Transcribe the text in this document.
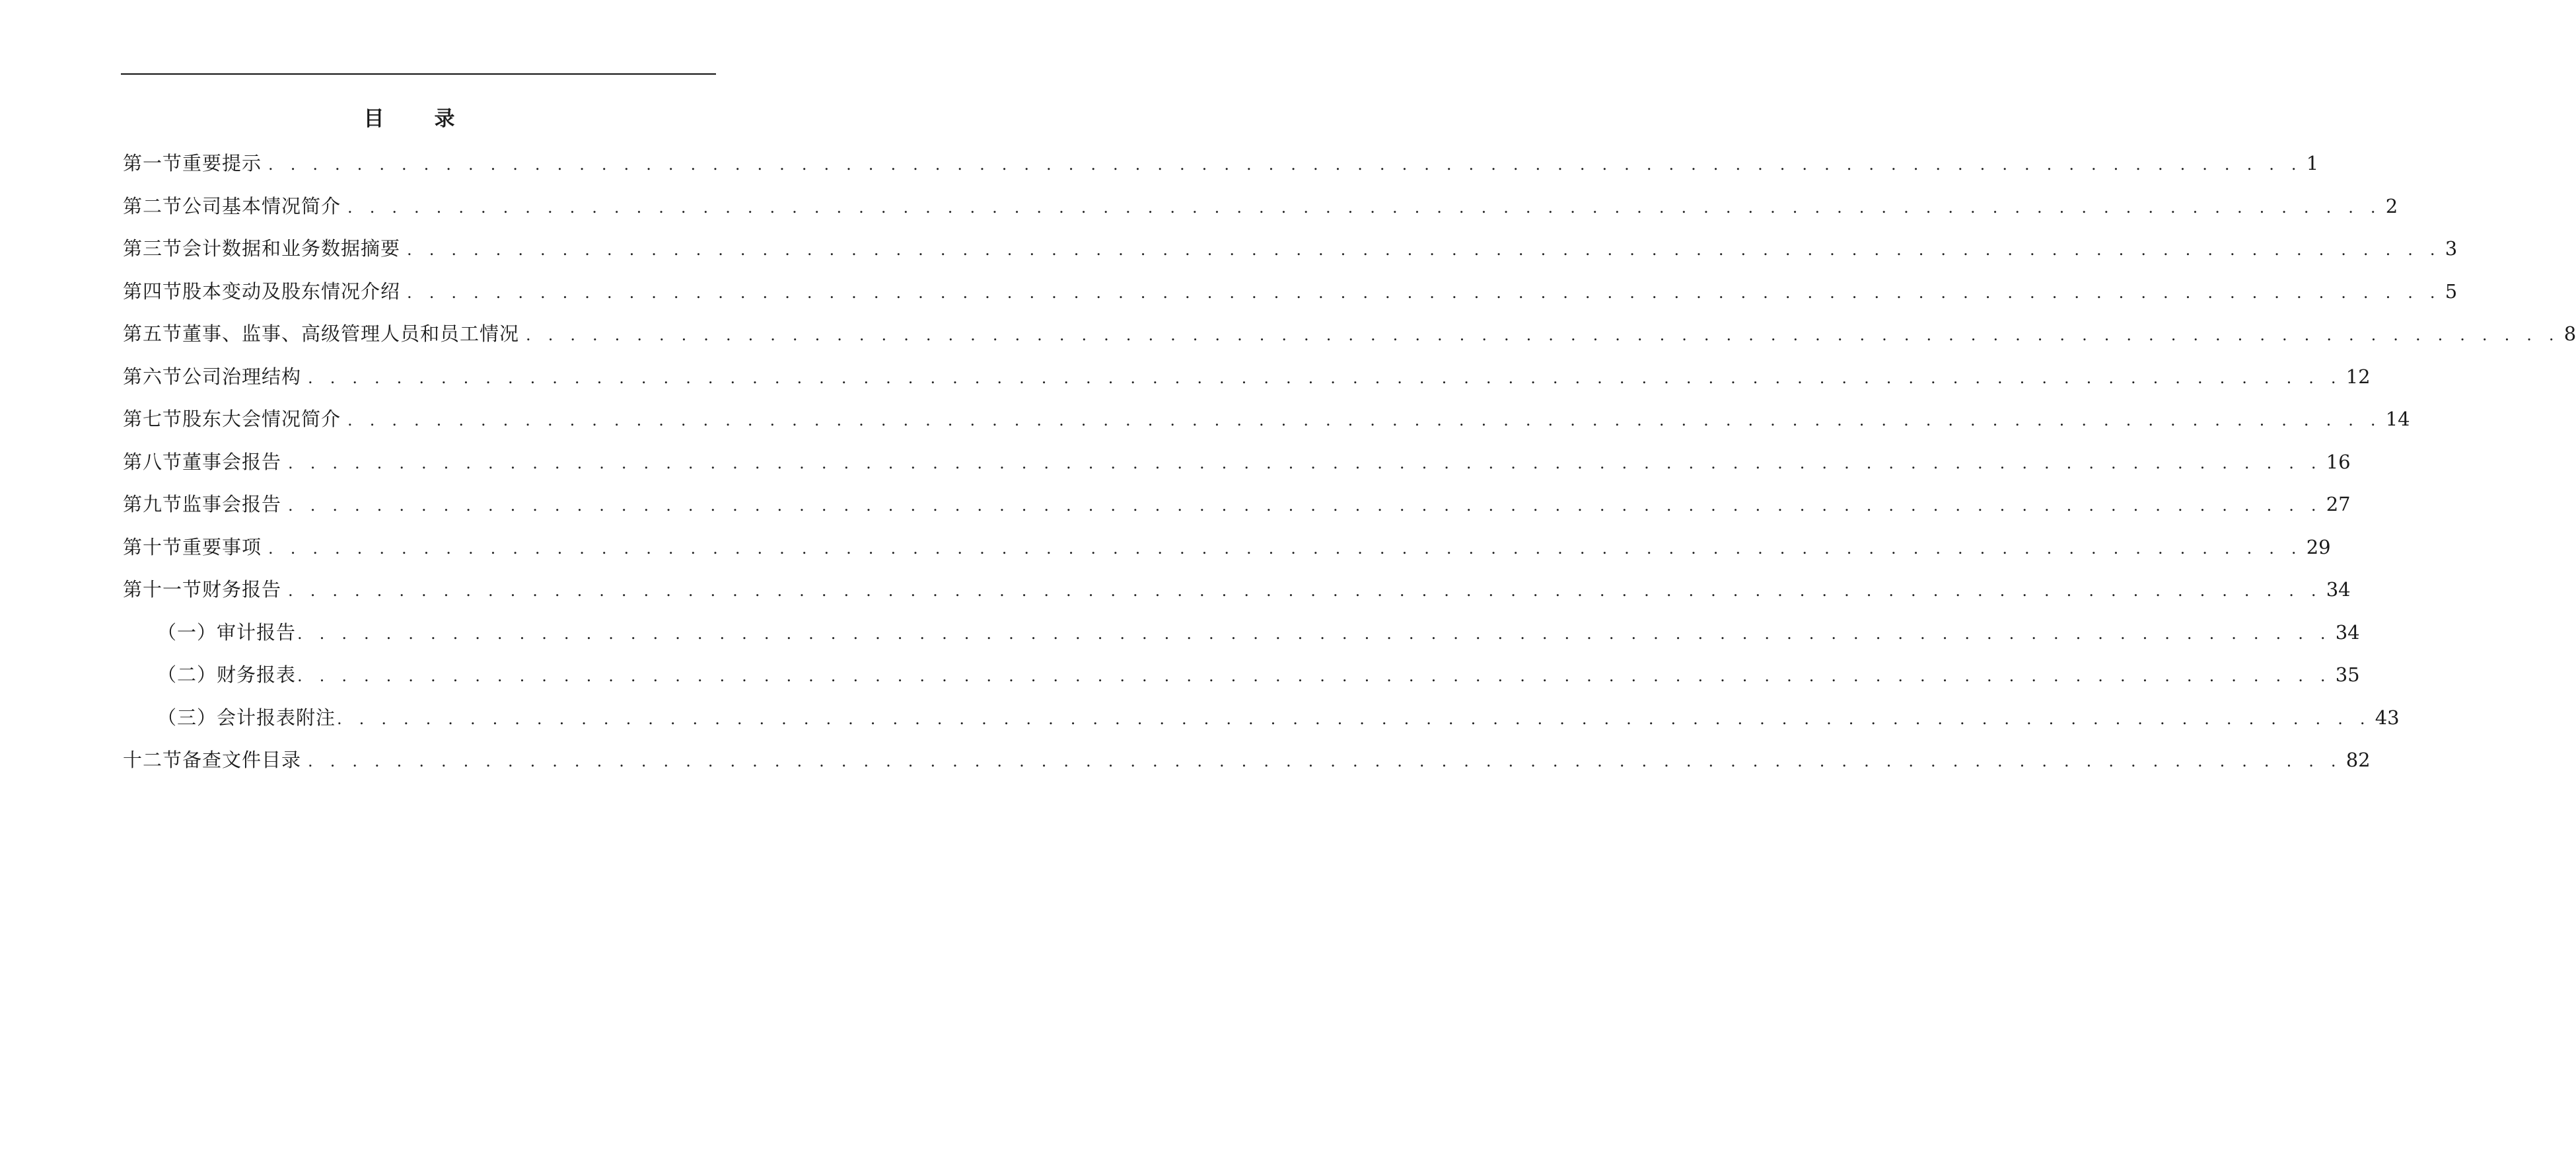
目 录
第一节 重要提示 . . . . . . . . . . . . . . . . . . . . . . . . . . . . . . . . . . . . . . . . . . . . . . . . . . . . . . . . . . . . . . . . . . . . . . . . . . . . . . . . . . . . . . . . . . . . 1
第二节 公司基本情况简介 . . . . . . . . . . . . . . . . . . . . . . . . . . . . . . . . . . . . . . . . . . . . . . . . . . . . . . . . . . . . . . . . . . . . . . . . . . . . . . . . . . . . . . . . . . . . 2
第三节 会计数据和业务数据摘要 . . . . . . . . . . . . . . . . . . . . . . . . . . . . . . . . . . . . . . . . . . . . . . . . . . . . . . . . . . . . . . . . . . . . . . . . . . . . . . . . . . . . . . . . . . . . 3
第四节 股本变动及股东情况介绍 . . . . . . . . . . . . . . . . . . . . . . . . . . . . . . . . . . . . . . . . . . . . . . . . . . . . . . . . . . . . . . . . . . . . . . . . . . . . . . . . . . . . . . . . . . . . 5
第五节 董事、监事、高级管理人员和员工情况 . . . . . . . . . . . . . . . . . . . . . . . . . . . . . . . . . . . . . . . . . . . . . . . . . . . . . . . . . . . . . . . . . . . . . . . . . . . . . . . . . . . . . . . . . . . . 8
第六节 公司治理结构 . . . . . . . . . . . . . . . . . . . . . . . . . . . . . . . . . . . . . . . . . . . . . . . . . . . . . . . . . . . . . . . . . . . . . . . . . . . . . . . . . . . . . . . . . . . . 12
第七节 股东大会情况简介 . . . . . . . . . . . . . . . . . . . . . . . . . . . . . . . . . . . . . . . . . . . . . . . . . . . . . . . . . . . . . . . . . . . . . . . . . . . . . . . . . . . . . . . . . . . . 14
第八节 董事会报告 . . . . . . . . . . . . . . . . . . . . . . . . . . . . . . . . . . . . . . . . . . . . . . . . . . . . . . . . . . . . . . . . . . . . . . . . . . . . . . . . . . . . . . . . . . . . 16
第九节 监事会报告 . . . . . . . . . . . . . . . . . . . . . . . . . . . . . . . . . . . . . . . . . . . . . . . . . . . . . . . . . . . . . . . . . . . . . . . . . . . . . . . . . . . . . . . . . . . . 27
第十节 重要事项 . . . . . . . . . . . . . . . . . . . . . . . . . . . . . . . . . . . . . . . . . . . . . . . . . . . . . . . . . . . . . . . . . . . . . . . . . . . . . . . . . . . . . . . . . . . . 29
第十一节 财务报告 . . . . . . . . . . . . . . . . . . . . . . . . . . . . . . . . . . . . . . . . . . . . . . . . . . . . . . . . . . . . . . . . . . . . . . . . . . . . . . . . . . . . . . . . . . . . 34
（一）审计报告 . . . . . . . . . . . . . . . . . . . . . . . . . . . . . . . . . . . . . . . . . . . . . . . . . . . . . . . . . . . . . . . . . . . . . . . . . . . . . . . . . . . . . . . . . . . . 34
（二）财务报表 . . . . . . . . . . . . . . . . . . . . . . . . . . . . . . . . . . . . . . . . . . . . . . . . . . . . . . . . . . . . . . . . . . . . . . . . . . . . . . . . . . . . . . . . . . . . 35
（三）会计报表附注 . . . . . . . . . . . . . . . . . . . . . . . . . . . . . . . . . . . . . . . . . . . . . . . . . . . . . . . . . . . . . . . . . . . . . . . . . . . . . . . . . . . . . . . . . . . . 43
十二节 备查文件目录 . . . . . . . . . . . . . . . . . . . . . . . . . . . . . . . . . . . . . . . . . . . . . . . . . . . . . . . . . . . . . . . . . . . . . . . . . . . . . . . . . . . . . . . . . . . . 82
